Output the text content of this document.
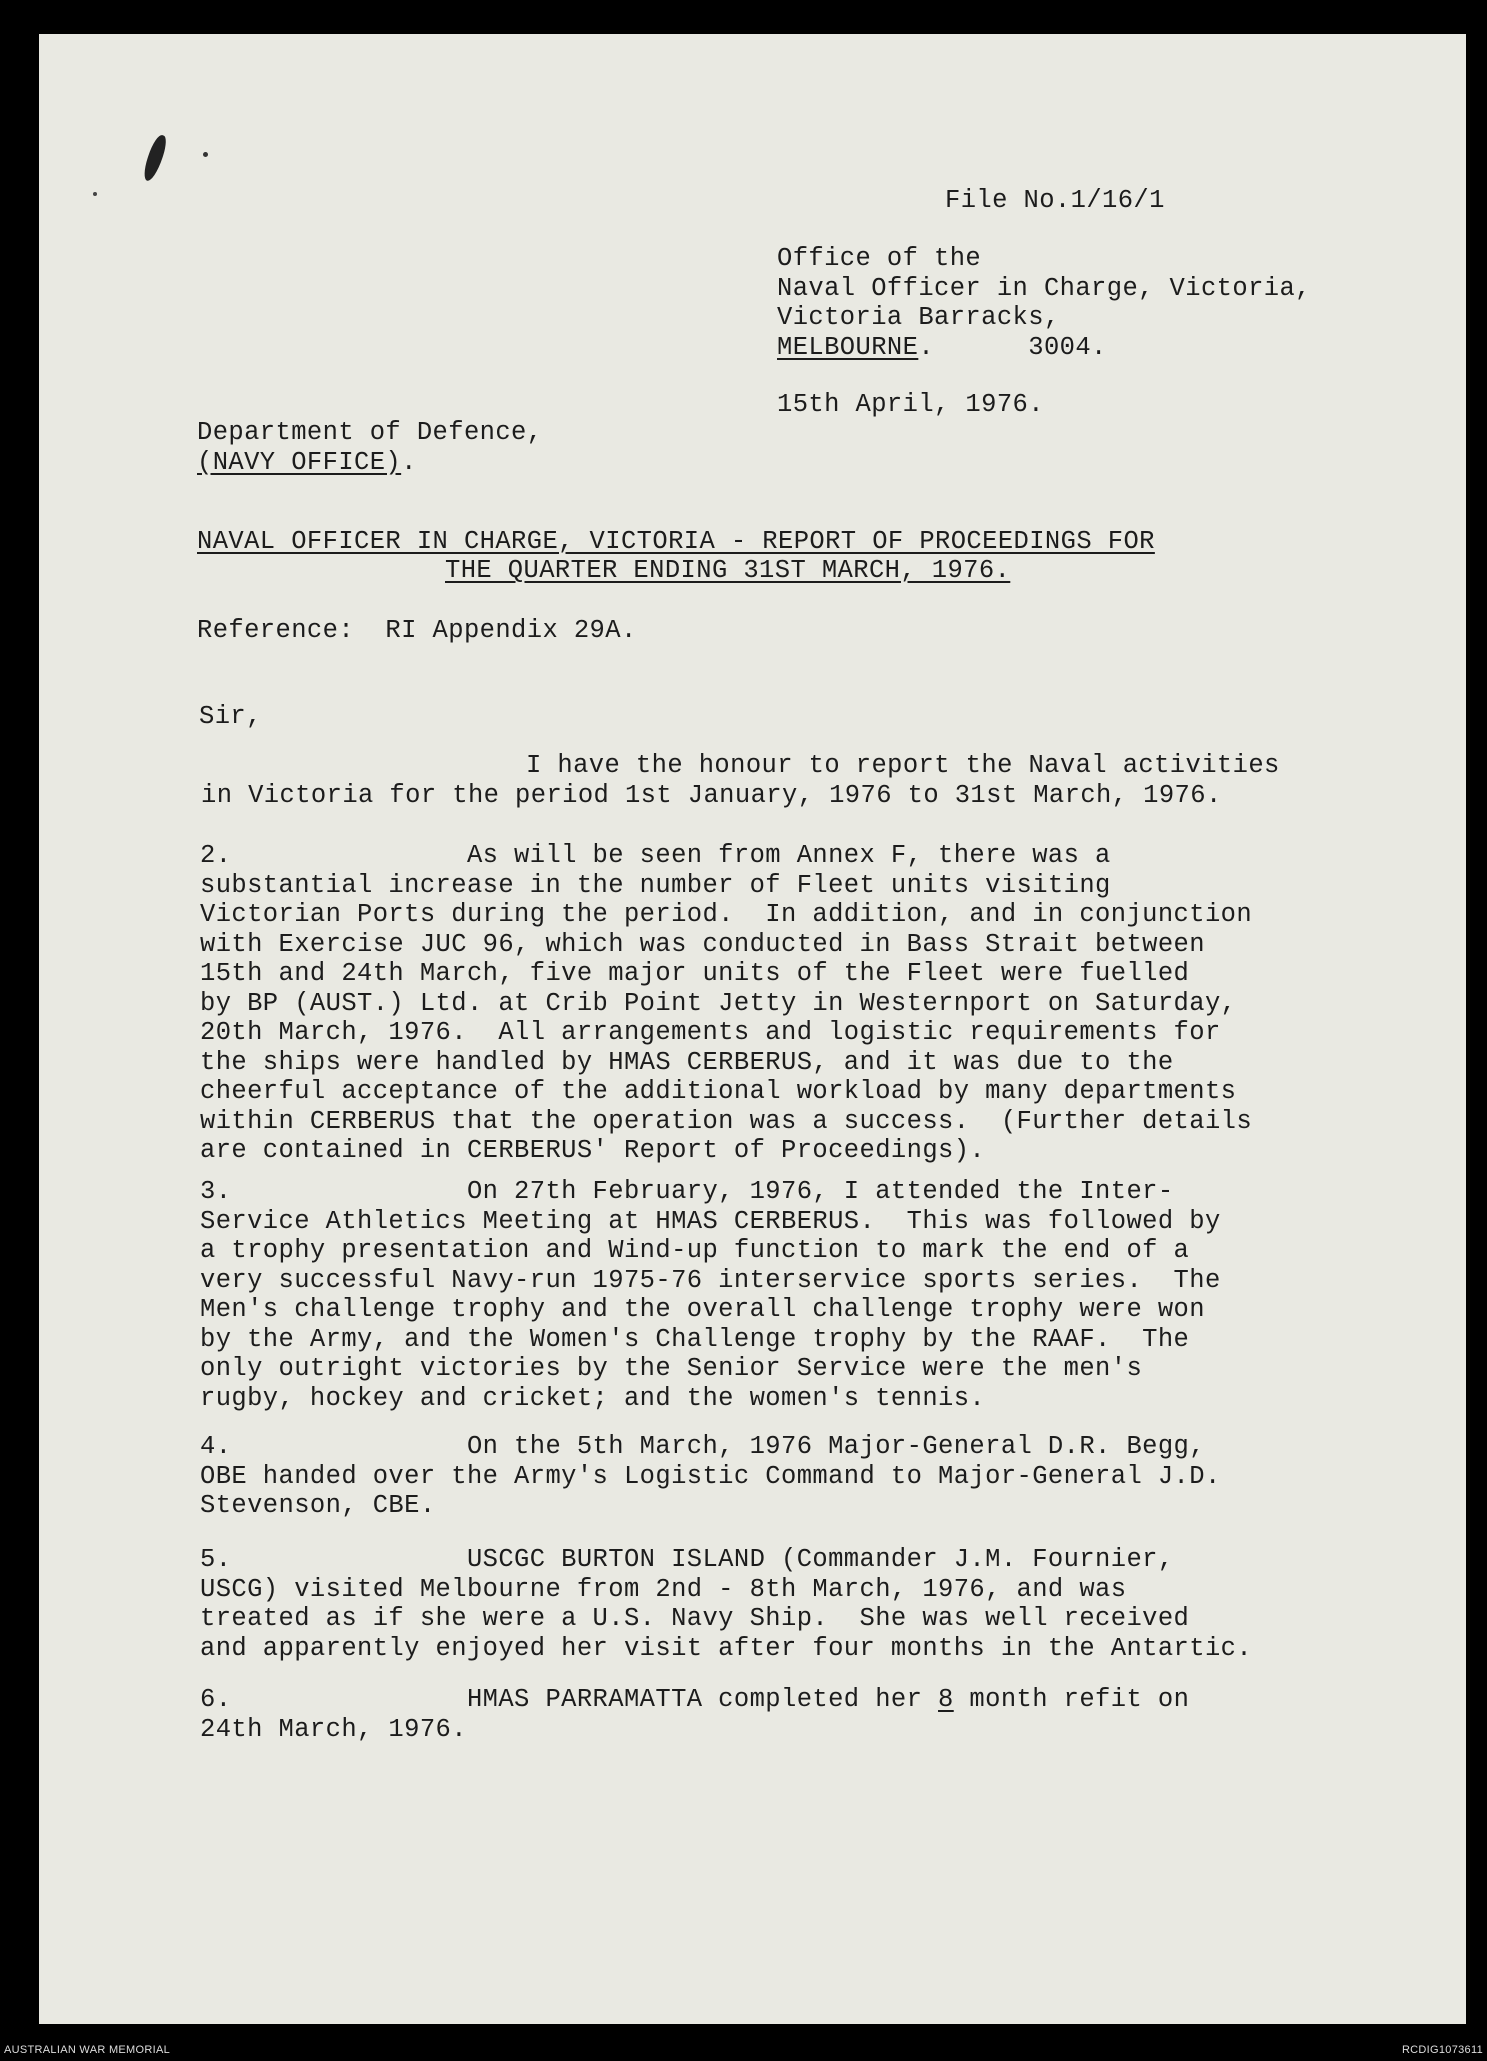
File No.1/16/1
Office of the
Naval Officer in Charge, Victoria,
Victoria Barracks,
MELBOURNE.      3004.
15th April, 1976.
Department of Defence,
(NAVY OFFICE).
NAVAL OFFICER IN CHARGE, VICTORIA - REPORT OF PROCEEDINGS FOR
THE QUARTER ENDING 31ST MARCH, 1976.
Reference:  RI Appendix 29A.
Sir,
I have the honour to report the Naval activities
in Victoria for the period 1st January, 1976 to 31st March, 1976.
2.               As will be seen from Annex F, there was a
substantial increase in the number of Fleet units visiting
Victorian Ports during the period.  In addition, and in conjunction
with Exercise JUC 96, which was conducted in Bass Strait between
15th and 24th March, five major units of the Fleet were fuelled
by BP (AUST.) Ltd. at Crib Point Jetty in Westernport on Saturday,
20th March, 1976.  All arrangements and logistic requirements for
the ships were handled by HMAS CERBERUS, and it was due to the
cheerful acceptance of the additional workload by many departments
within CERBERUS that the operation was a success.  (Further details
are contained in CERBERUS' Report of Proceedings).
3.               On 27th February, 1976, I attended the Inter-
Service Athletics Meeting at HMAS CERBERUS.  This was followed by
a trophy presentation and Wind-up function to mark the end of a
very successful Navy-run 1975-76 interservice sports series.  The
Men's challenge trophy and the overall challenge trophy were won
by the Army, and the Women's Challenge trophy by the RAAF.  The
only outright victories by the Senior Service were the men's
rugby, hockey and cricket; and the women's tennis.
4.               On the 5th March, 1976 Major-General D.R. Begg,
OBE handed over the Army's Logistic Command to Major-General J.D.
Stevenson, CBE.
5.               USCGC BURTON ISLAND (Commander J.M. Fournier,
USCG) visited Melbourne from 2nd - 8th March, 1976, and was
treated as if she were a U.S. Navy Ship.  She was well received
and apparently enjoyed her visit after four months in the Antartic.
6.               HMAS PARRAMATTA completed her 8 month refit on
24th March, 1976.
AUSTRALIAN WAR MEMORIAL	RCDIG1073611
